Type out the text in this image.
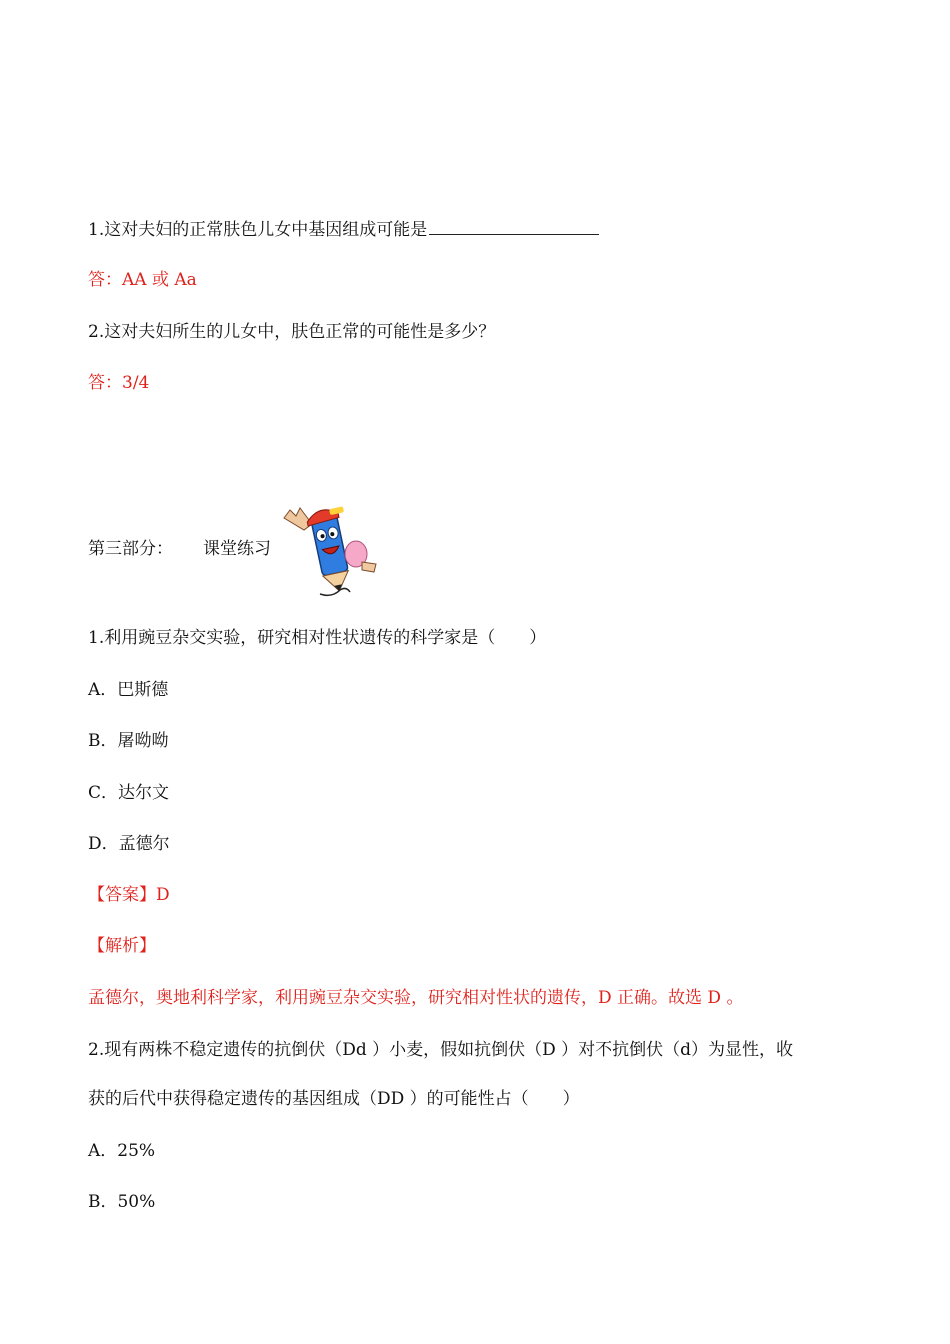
1.这对夫妇的正常肤色儿女中基因组成可能是
答：AA 或 Aa
2.这对夫妇所生的儿女中，肤色正常的可能性是多少？
答：3/4
第三部分： 课堂练习
1.利用豌豆杂交实验，研究相对性状遗传的科学家是（　　）
A．巴斯德
B．屠呦呦
C．达尔文
D．孟德尔
【答案】D
【解析】
孟德尔，奥地利科学家，利用豌豆杂交实验，研究相对性状的遗传，D 正确。故选 D 。
2.现有两株不稳定遗传的抗倒伏（Dd ）小麦，假如抗倒伏（D ）对不抗倒伏（d）为显性，收
获的后代中获得稳定遗传的基因组成（DD ）的可能性占（　　）
A．25%
B．50%
